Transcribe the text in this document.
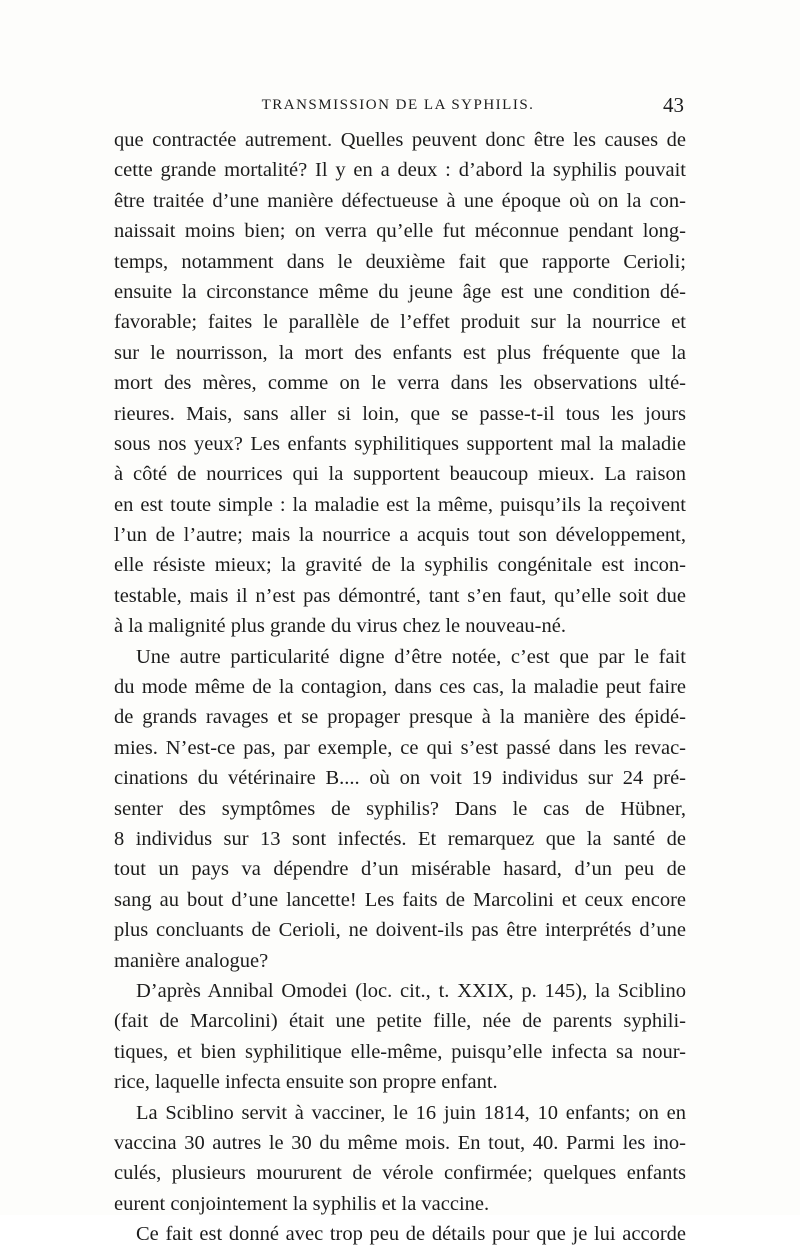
TRANSMISSION DE LA SYPHILIS.	43
que contractée autrement. Quelles peuvent donc être les causes de
cette grande mortalité? Il y en a deux : d’abord la syphilis pouvait
être traitée d’une manière défectueuse à une époque où on la con-
naissait moins bien; on verra qu’elle fut méconnue pendant long-
temps, notamment dans le deuxième fait que rapporte Cerioli;
ensuite la circonstance même du jeune âge est une condition dé-
favorable; faites le parallèle de l’effet produit sur la nourrice et
sur le nourrisson, la mort des enfants est plus fréquente que la
mort des mères, comme on le verra dans les observations ulté-
rieures. Mais, sans aller si loin, que se passe-t-il tous les jours
sous nos yeux? Les enfants syphilitiques supportent mal la maladie
à côté de nourrices qui la supportent beaucoup mieux. La raison
en est toute simple : la maladie est la même, puisqu’ils la reçoivent
l’un de l’autre; mais la nourrice a acquis tout son développement,
elle résiste mieux; la gravité de la syphilis congénitale est incon-
testable, mais il n’est pas démontré, tant s’en faut, qu’elle soit due
à la malignité plus grande du virus chez le nouveau-né.
Une autre particularité digne d’être notée, c’est que par le fait
du mode même de la contagion, dans ces cas, la maladie peut faire
de grands ravages et se propager presque à la manière des épidé-
mies. N’est-ce pas, par exemple, ce qui s’est passé dans les revac-
cinations du vétérinaire B.... où on voit 19 individus sur 24 pré-
senter des symptômes de syphilis? Dans le cas de Hübner,
8 individus sur 13 sont infectés. Et remarquez que la santé de
tout un pays va dépendre d’un misérable hasard, d’un peu de
sang au bout d’une lancette! Les faits de Marcolini et ceux encore
plus concluants de Cerioli, ne doivent-ils pas être interprétés d’une
manière analogue?
D’après Annibal Omodei (loc. cit., t. XXIX, p. 145), la Sciblino
(fait de Marcolini) était une petite fille, née de parents syphili-
tiques, et bien syphilitique elle-même, puisqu’elle infecta sa nour-
rice, laquelle infecta ensuite son propre enfant.
La Sciblino servit à vacciner, le 16 juin 1814, 10 enfants; on en
vaccina 30 autres le 30 du même mois. En tout, 40. Parmi les ino-
culés, plusieurs moururent de vérole confirmée; quelques enfants
eurent conjointement la syphilis et la vaccine.
Ce fait est donné avec trop peu de détails pour que je lui accorde
